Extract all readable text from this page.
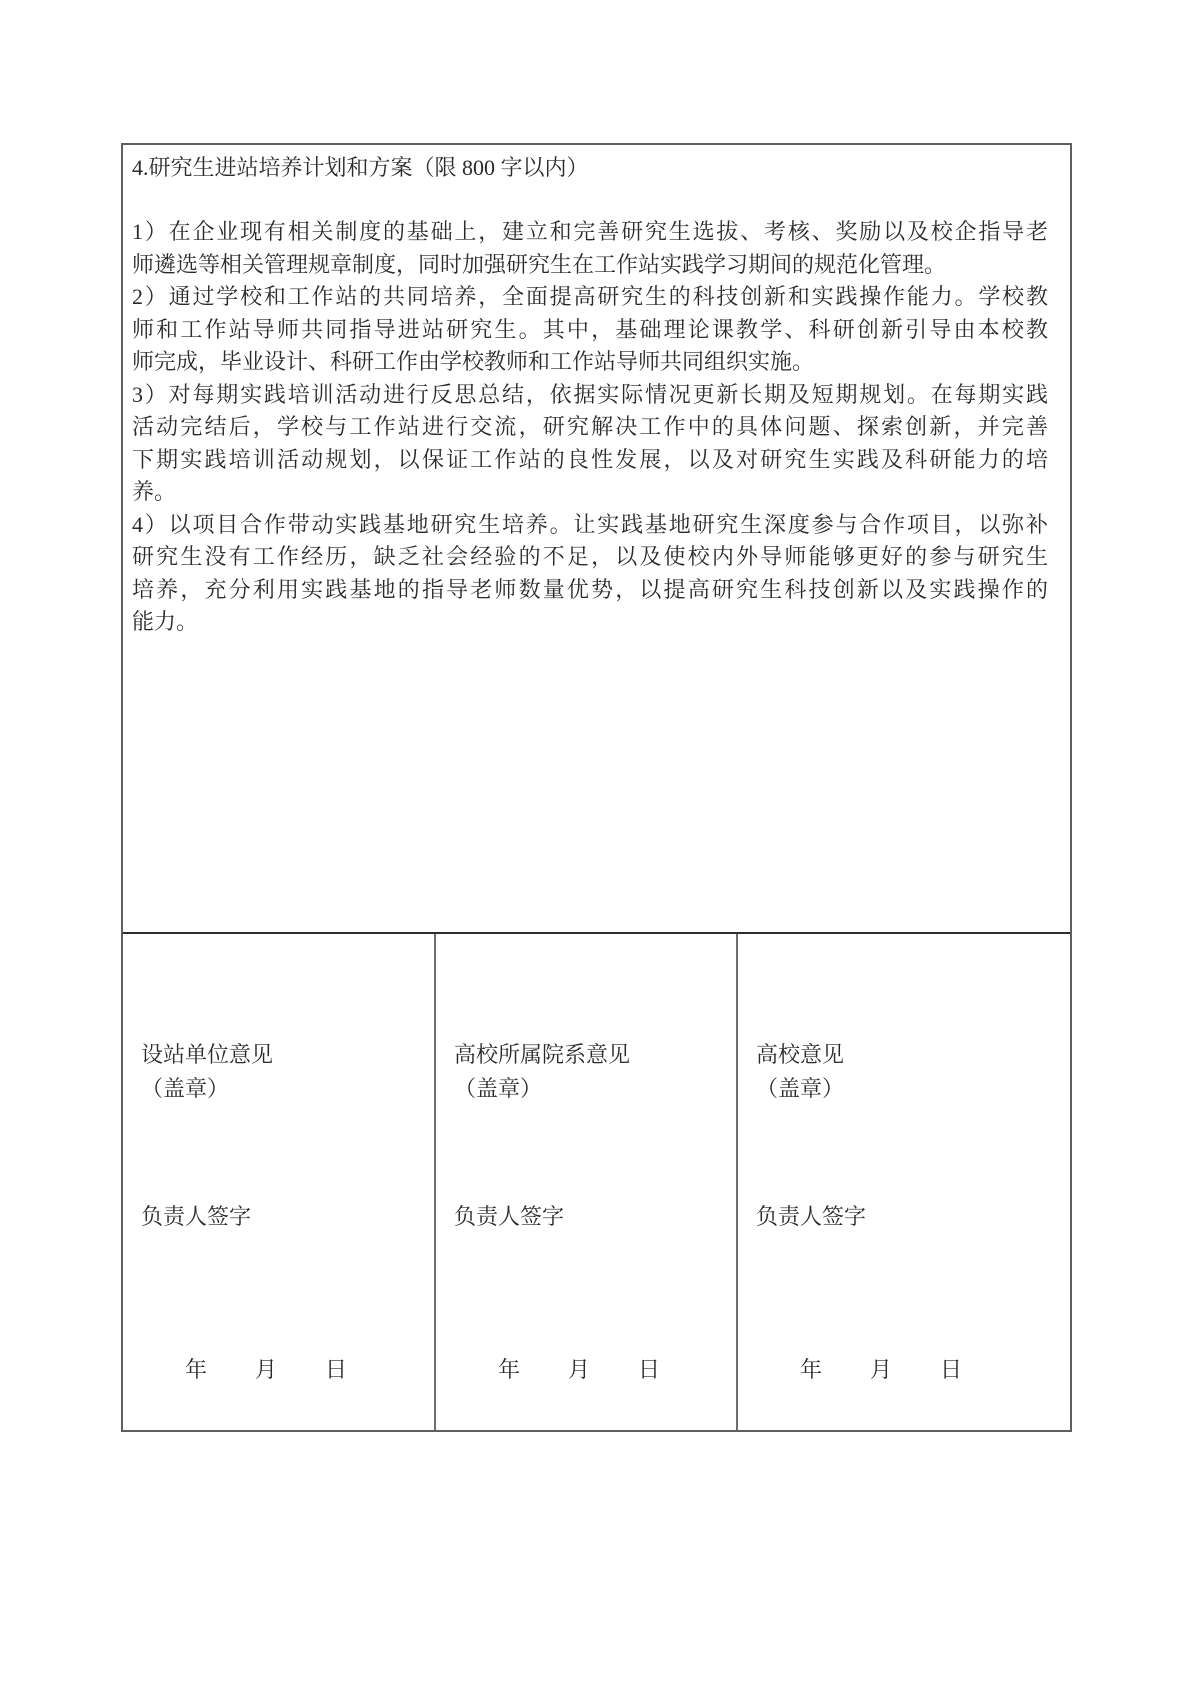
4.研究生进站培养计划和方案（限 800 字以内）
1）在企业现有相关制度的基础上，建立和完善研究生选拔、考核、奖励以及校企指导老
师遴选等相关管理规章制度，同时加强研究生在工作站实践学习期间的规范化管理。
2）通过学校和工作站的共同培养，全面提高研究生的科技创新和实践操作能力。学校教
师和工作站导师共同指导进站研究生。其中，基础理论课教学、科研创新引导由本校教
师完成，毕业设计、科研工作由学校教师和工作站导师共同组织实施。
3）对每期实践培训活动进行反思总结，依据实际情况更新长期及短期规划。在每期实践
活动完结后，学校与工作站进行交流，研究解决工作中的具体问题、探索创新，并完善
下期实践培训活动规划，以保证工作站的良性发展，以及对研究生实践及科研能力的培
养。
4）以项目合作带动实践基地研究生培养。让实践基地研究生深度参与合作项目，以弥补
研究生没有工作经历，缺乏社会经验的不足，以及使校内外导师能够更好的参与研究生
培养，充分利用实践基地的指导老师数量优势，以提高研究生科技创新以及实践操作的
能力。
设站单位意见
（盖章）
负责人签字
年 月 日
高校所属院系意见
（盖章）
负责人签字
年 月 日
高校意见
（盖章）
负责人签字
年 月 日
